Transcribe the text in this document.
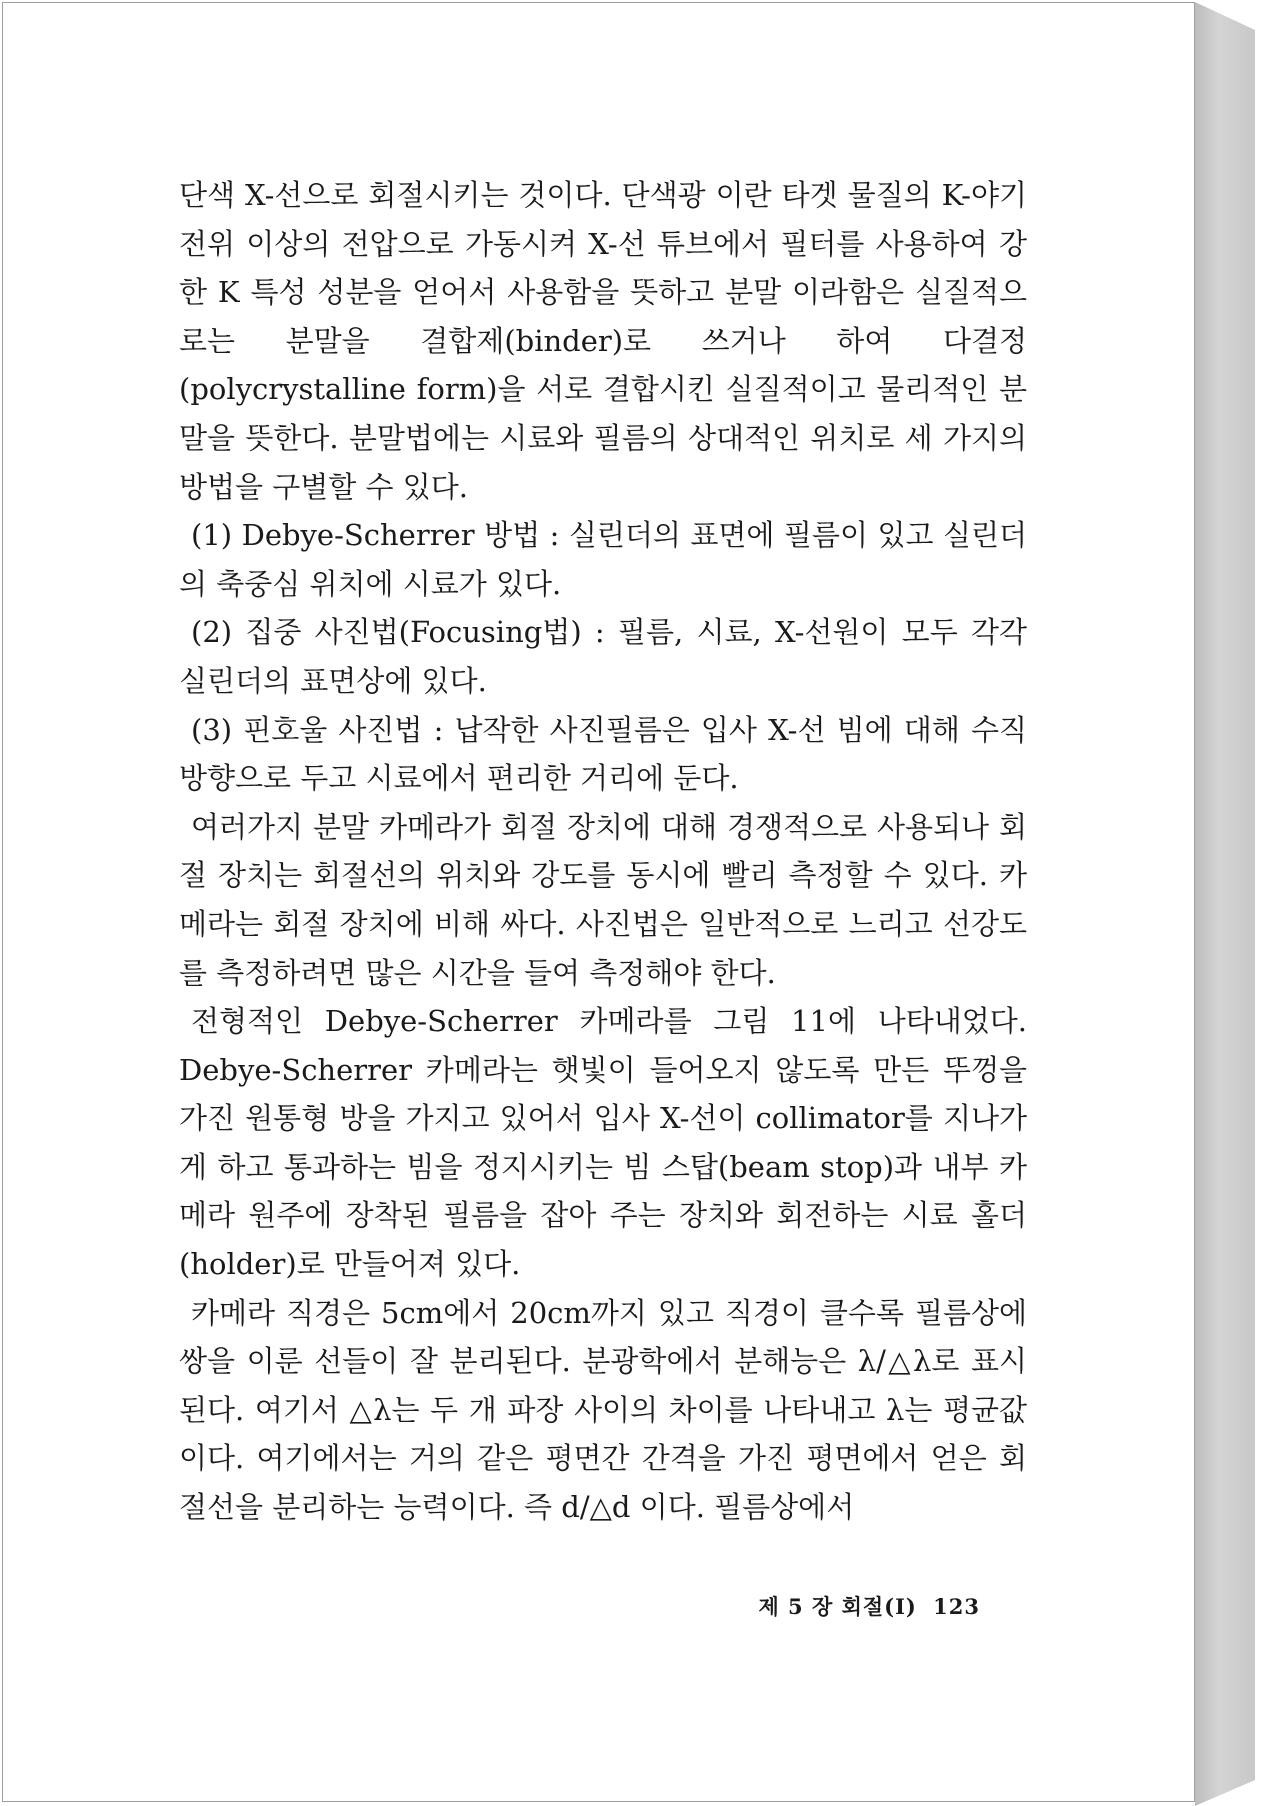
단색 X-선으로 회절시키는 것이다. 단색광 이란 타겟 물질의 K-야기전위 이상의 전압으로 가동시켜 X-선 튜브에서 필터를 사용하여 강한 K 특성 성분을 얻어서 사용함을 뜻하고 분말 이라함은 실질적으로는 분말을 결합제(binder)로 쓰거나 하여 다결정(polycrystalline form)을 서로 결합시킨 실질적이고 물리적인 분말을 뜻한다. 분말법에는 시료와 필름의 상대적인 위치로 세 가지의 방법을 구별할 수 있다.

(1) Debye-Scherrer 방법 : 실린더의 표면에 필름이 있고 실린더의 축중심 위치에 시료가 있다.

(2) 집중 사진법(Focusing법) : 필름, 시료, X-선원이 모두 각각 실린더의 표면상에 있다.

(3) 핀호울 사진법 : 납작한 사진필름은 입사 X-선 빔에 대해 수직 방향으로 두고 시료에서 편리한 거리에 둔다.

여러가지 분말 카메라가 회절 장치에 대해 경쟁적으로 사용되나 회절 장치는 회절선의 위치와 강도를 동시에 빨리 측정할 수 있다. 카메라는 회절 장치에 비해 싸다. 사진법은 일반적으로 느리고 선강도를 측정하려면 많은 시간을 들여 측정해야 한다.

전형적인 Debye-Scherrer 카메라를 그림 11에 나타내었다. Debye-Scherrer 카메라는 햇빛이 들어오지 않도록 만든 뚜껑을 가진 원통형 방을 가지고 있어서 입사 X-선이 collimator를 지나가게 하고 통과하는 빔을 정지시키는 빔 스탑(beam stop)과 내부 카메라 원주에 장착된 필름을 잡아 주는 장치와 회전하는 시료 홀더(holder)로 만들어져 있다.

카메라 직경은 5cm에서 20cm까지 있고 직경이 클수록 필름상에 쌍을 이룬 선들이 잘 분리된다. 분광학에서 분해능은 λ/△λ로 표시된다. 여기서 △λ는 두 개 파장 사이의 차이를 나타내고 λ는 평균값이다. 여기에서는 거의 같은 평면간 간격을 가진 평면에서 얻은 회절선을 분리하는 능력이다. 즉 d/△d 이다. 필름상에서

제 5 장 회절(Ⅰ) 123
